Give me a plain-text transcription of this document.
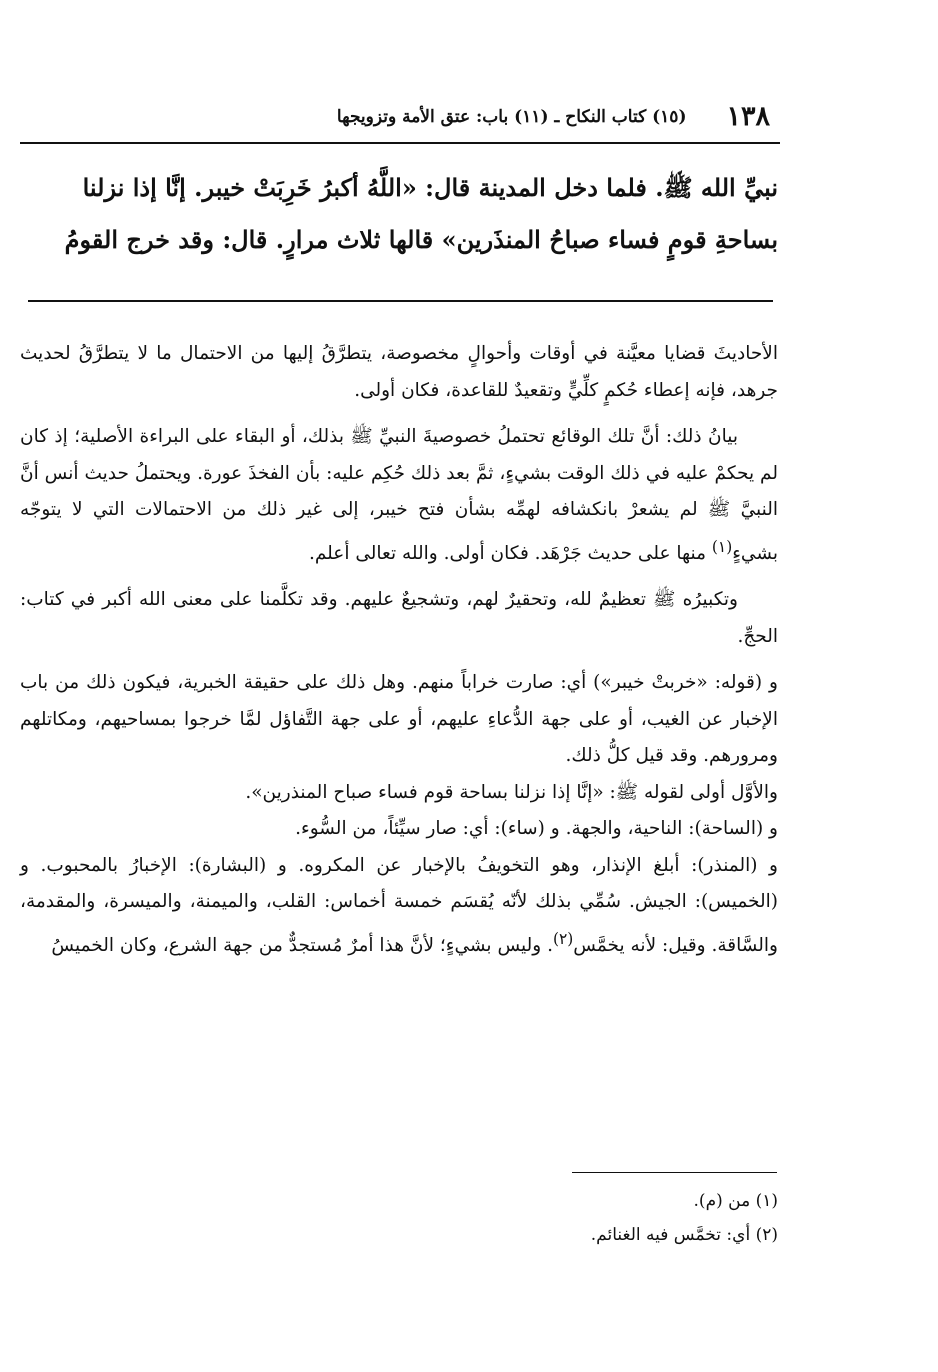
١٣٨
(١٥) كتاب النكاح ـ (١١) باب: عتق الأمة وتزويجها
نبيِّ الله ﷺ. فلما دخل المدينة قال: «اللَّهُ أكبرُ خَرِبَتْ خيبر. إنَّا إذا نزلنا
بساحةِ قومٍ فساء صباحُ المنذَرين» قالها ثلاث مرارٍ. قال: وقد خرج القومُ

الأحاديثَ قضايا معيَّنة في أوقات وأحوالٍ مخصوصة، يتطرَّقُ إليها من الاحتمال ما لا يتطرَّقُ لحديث جرهد، فإنه إعطاء حُكمٍ كلِّيٍّ وتقعيدٌ للقاعدة، فكان أولى.

بيانُ ذلك: أنَّ تلك الوقائع تحتملُ خصوصيةَ النبيِّ ﷺ بذلك، أو البقاء على البراءة الأصلية؛ إذ كان لم يحكمْ عليه في ذلك الوقت بشيءٍ، ثمَّ بعد ذلك حُكِم عليه: بأن الفخذَ عورة. ويحتملُ حديث أنس أنَّ النبيَّ ﷺ لم يشعرْ بانكشافه لهمِّه بشأن فتح خيبر، إلى غير ذلك من الاحتمالات التي لا يتوجّه بشيءٍ$^{(١)}$ منها على حديث جَرْهَد. فكان أولى. والله تعالى أعلم.

وتكبيرُه ﷺ تعظيمٌ لله، وتحقيرٌ لهم، وتشجيعٌ عليهم. وقد تكلَّمنا على معنى الله أكبر في كتاب: الحجِّ.

و (قوله: «خربتْ خيبر») أي: صارت خراباً منهم. وهل ذلك على حقيقة الخبرية، فيكون ذلك من باب الإخبار عن الغيب، أو على جهة الدُّعاءِ عليهم، أو على جهة التَّفاؤل لمَّا خرجوا بمساحيهم، ومكاتلهم ومرورهم. وقد قيل كلُّ ذلك.

والأوَّل أولى لقوله ﷺ: «إنَّا إذا نزلنا بساحة قوم فساء صباح المنذرين».

و (الساحة): الناحية، والجهة. و (ساء): أي: صار سيِّئاً، من السُّوء.

و (المنذر): أبلغ الإنذار، وهو التخويفُ بالإخبار عن المكروه. و (البشارة): الإخبارُ بالمحبوب. و (الخميس): الجيش. سُمِّي بذلك لأنّه يُقسَم خمسة أخماس: القلب، والميمنة، والميسرة، والمقدمة، والسَّاقة. وقيل: لأنه يخمَّس$^{(٢)}$. وليس بشيءٍ؛ لأنَّ هذا أمرٌ مُستجدٌّ من جهة الشرع، وكان الخميسُ

(١) من (م).
(٢) أي: تخمَّس فيه الغنائم.
